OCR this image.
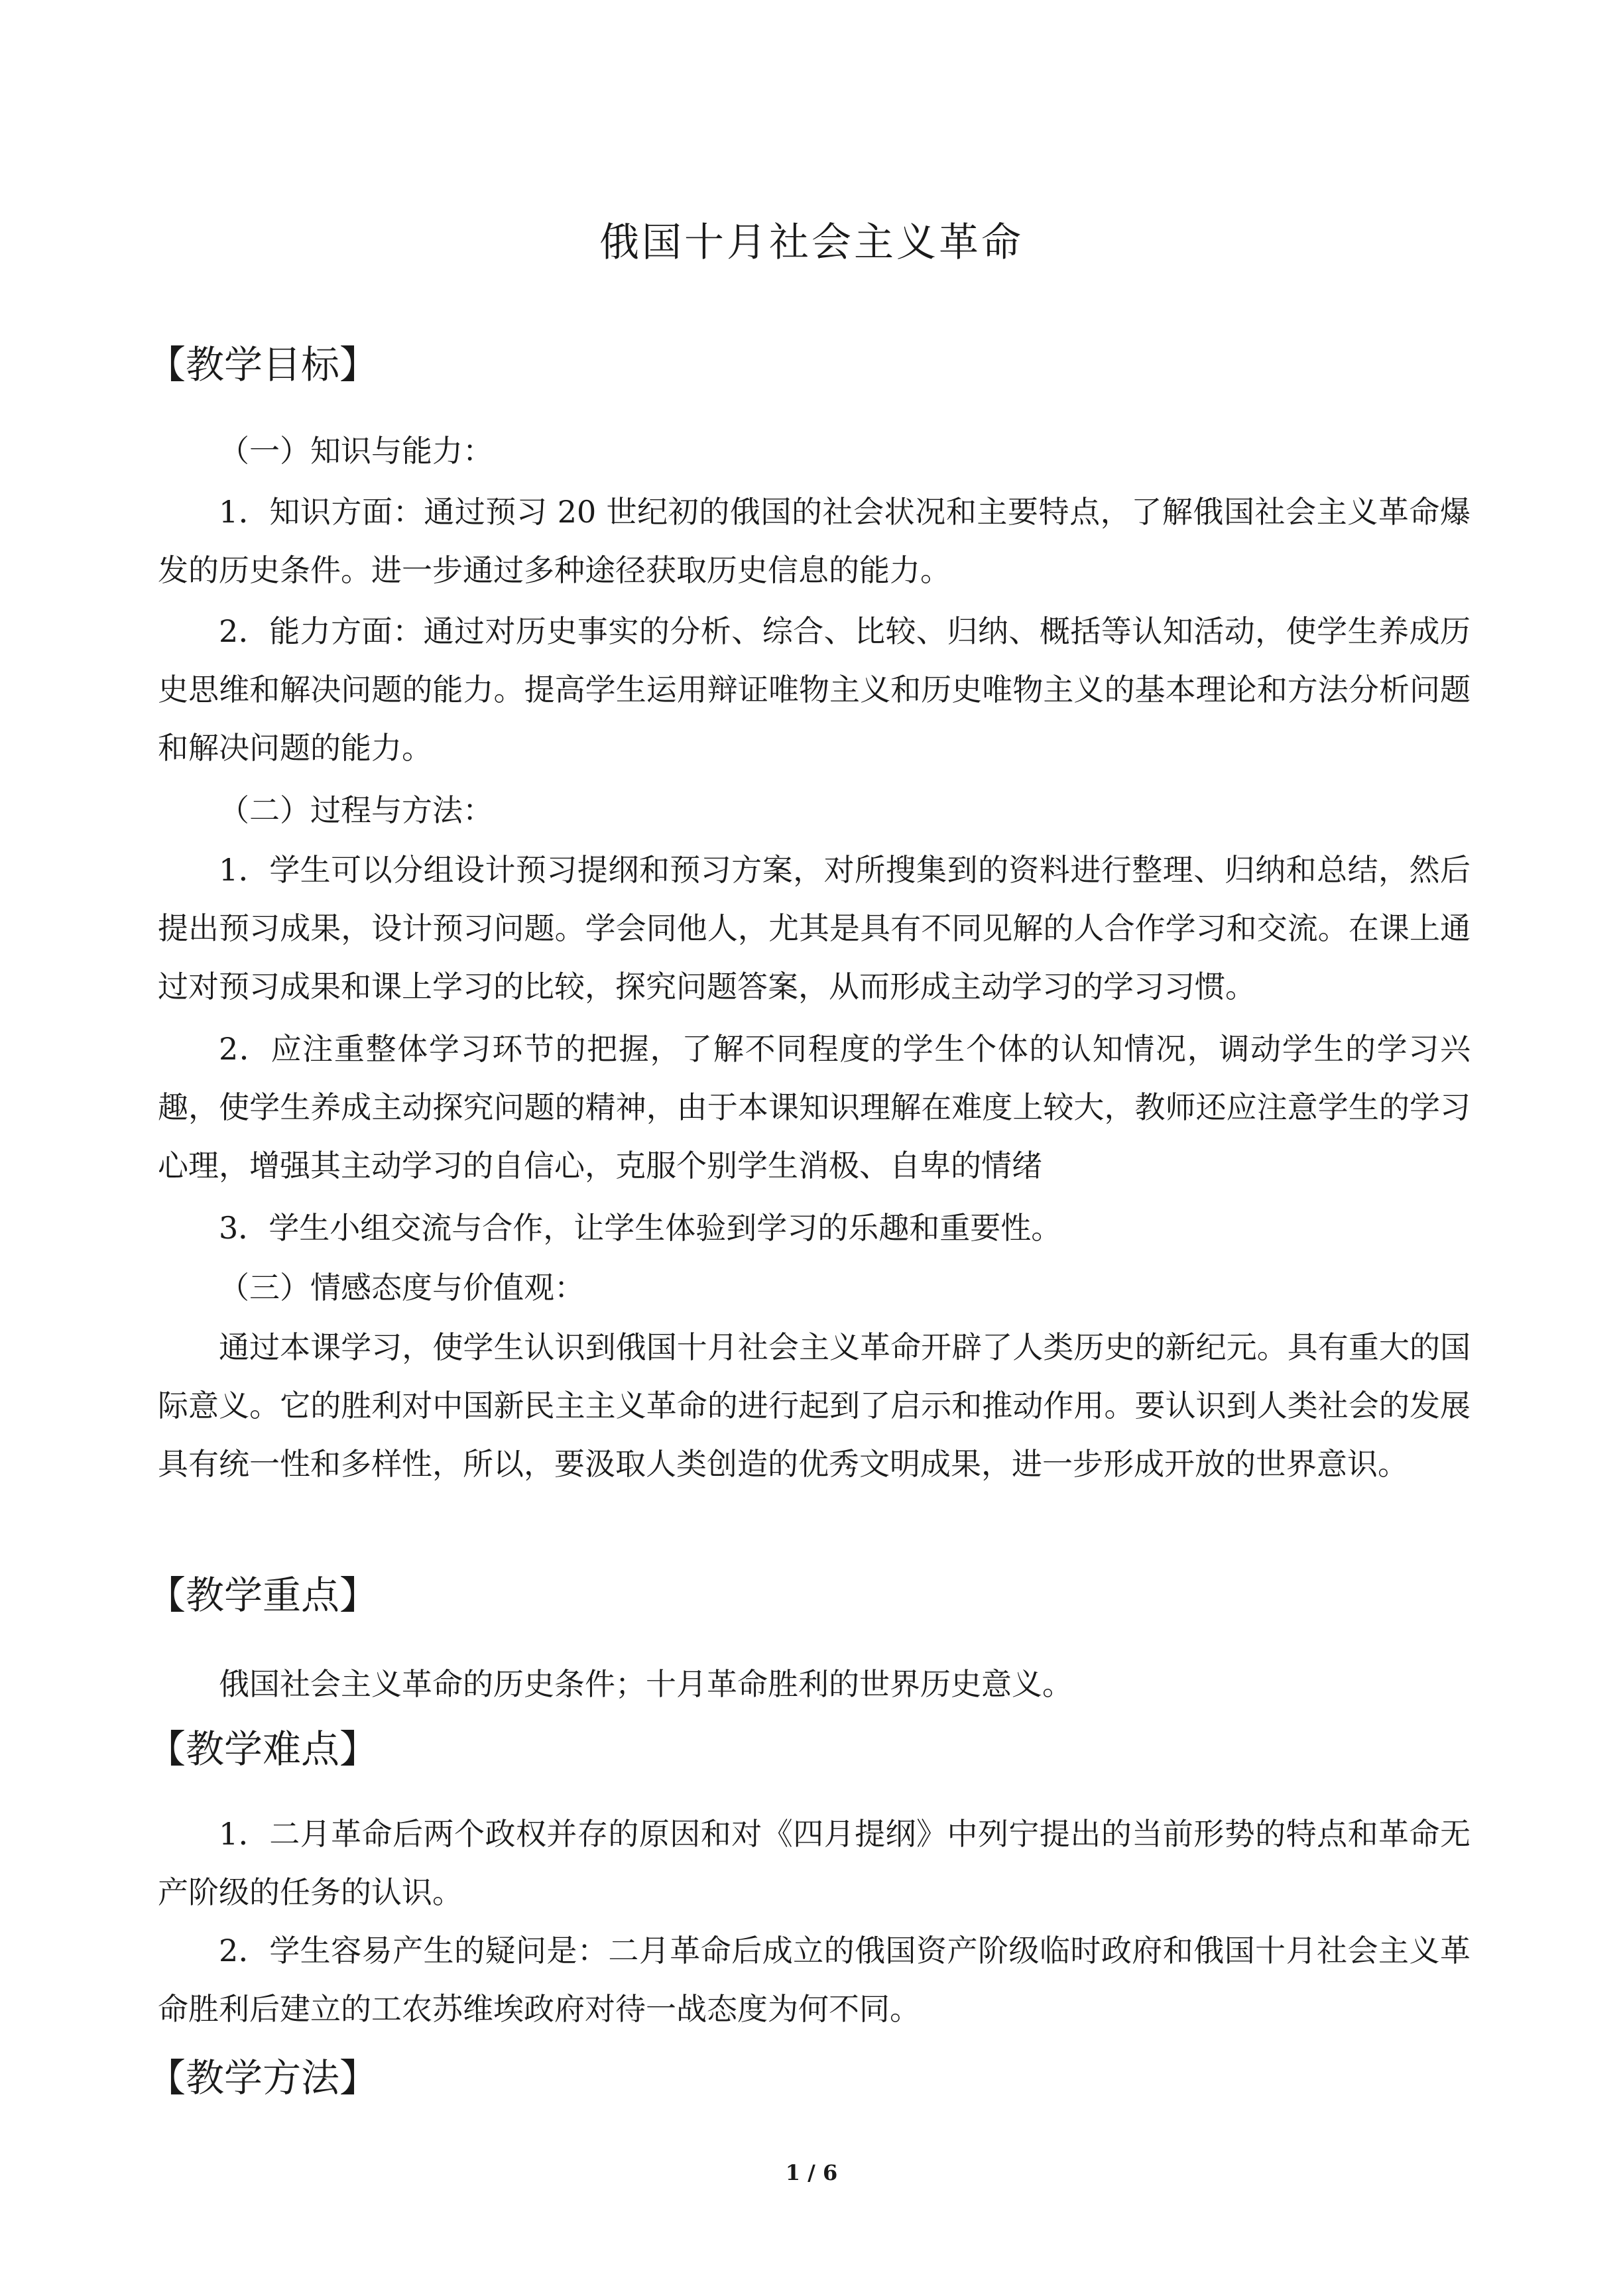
俄国十月社会主义革命
【教学目标】

（一）知识与能力：

1．知识方面：通过预习 20 世纪初的俄国的社会状况和主要特点，了解俄国社会主义革命爆发的历史条件。进一步通过多种途径获取历史信息的能力。

2．能力方面：通过对历史事实的分析、综合、比较、归纳、概括等认知活动，使学生养成历史思维和解决问题的能力。提高学生运用辩证唯物主义和历史唯物主义的基本理论和方法分析问题和解决问题的能力。

（二）过程与方法：

1．学生可以分组设计预习提纲和预习方案，对所搜集到的资料进行整理、归纳和总结，然后提出预习成果，设计预习问题。学会同他人，尤其是具有不同见解的人合作学习和交流。在课上通过对预习成果和课上学习的比较，探究问题答案，从而形成主动学习的学习习惯。

2．应注重整体学习环节的把握，了解不同程度的学生个体的认知情况，调动学生的学习兴趣，使学生养成主动探究问题的精神，由于本课知识理解在难度上较大，教师还应注意学生的学习心理，增强其主动学习的自信心，克服个别学生消极、自卑的情绪

3．学生小组交流与合作，让学生体验到学习的乐趣和重要性。

（三）情感态度与价值观：

通过本课学习，使学生认识到俄国十月社会主义革命开辟了人类历史的新纪元。具有重大的国际意义。它的胜利对中国新民主主义革命的进行起到了启示和推动作用。要认识到人类社会的发展具有统一性和多样性，所以，要汲取人类创造的优秀文明成果，进一步形成开放的世界意识。

【教学重点】

俄国社会主义革命的历史条件；十月革命胜利的世界历史意义。

【教学难点】

1．二月革命后两个政权并存的原因和对《四月提纲》中列宁提出的当前形势的特点和革命无产阶级的任务的认识。

2．学生容易产生的疑问是：二月革命后成立的俄国资产阶级临时政府和俄国十月社会主义革命胜利后建立的工农苏维埃政府对待一战态度为何不同。

【教学方法】
1 / 6
